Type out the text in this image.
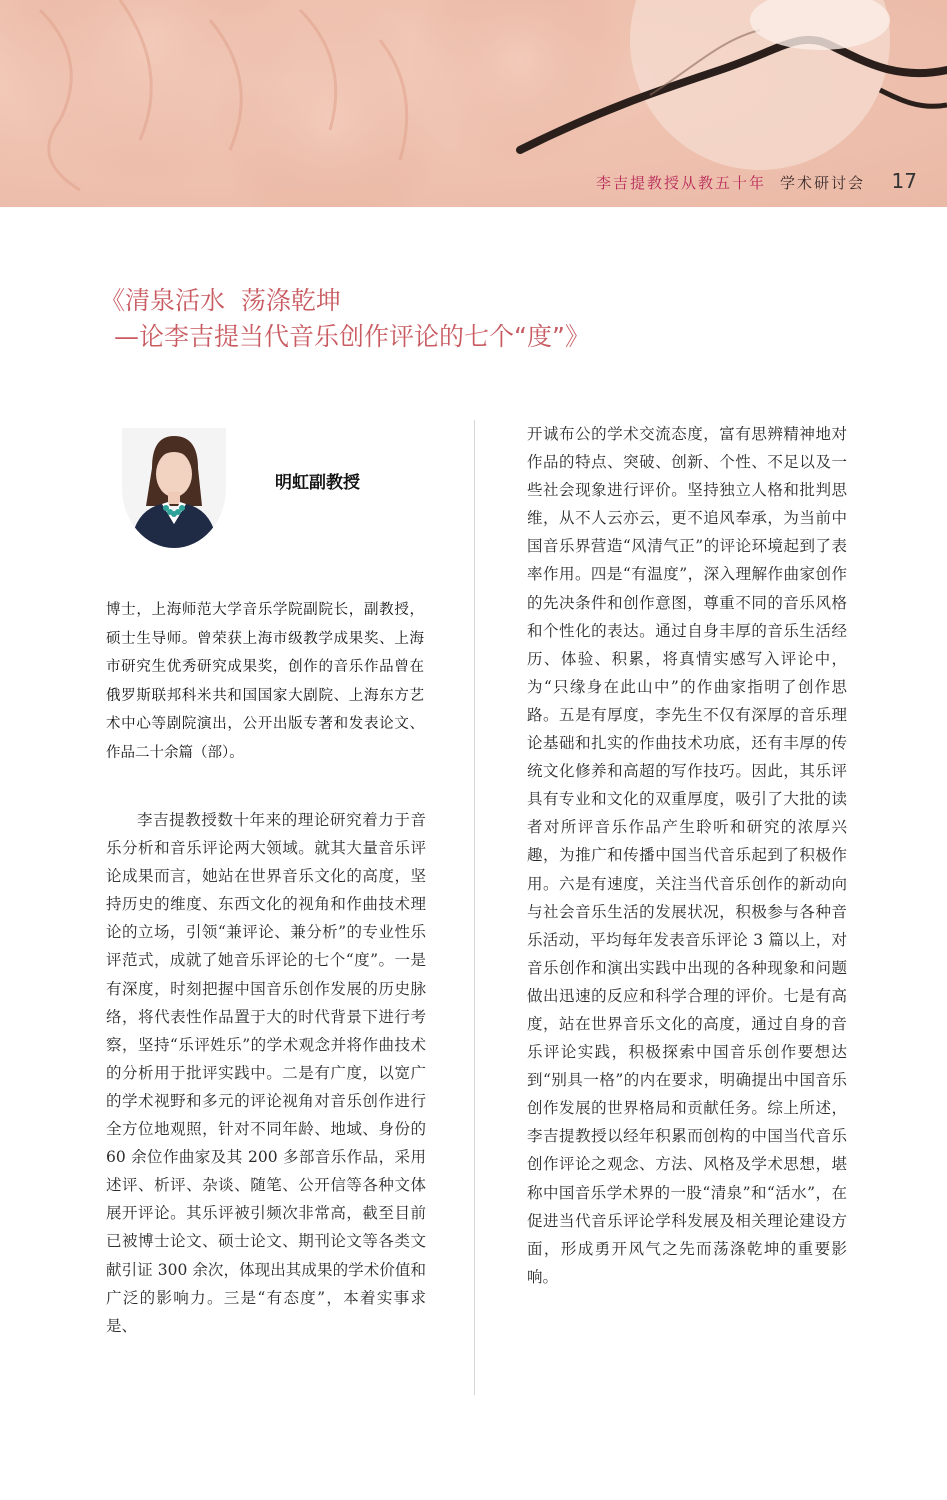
李吉提教授从教五十年 学术研讨会 17
《清泉活水  荡涤乾坤
—论李吉提当代音乐创作评论的七个“度”》
明虹副教授
博士，上海师范大学音乐学院副院长，副教授，硕士生导师。曾荣获上海市级教学成果奖、上海市研究生优秀研究成果奖，创作的音乐作品曾在俄罗斯联邦科米共和国国家大剧院、上海东方艺术中心等剧院演出，公开出版专著和发表论文、作品二十余篇（部）。
李吉提教授数十年来的理论研究着力于音乐分析和音乐评论两大领域。就其大量音乐评论成果而言，她站在世界音乐文化的高度，坚持历史的维度、东西文化的视角和作曲技术理论的立场，引领“兼评论、兼分析”的专业性乐评范式，成就了她音乐评论的七个“度”。一是有深度，时刻把握中国音乐创作发展的历史脉络，将代表性作品置于大的时代背景下进行考察，坚持“乐评姓乐”的学术观念并将作曲技术的分析用于批评实践中。二是有广度，以宽广的学术视野和多元的评论视角对音乐创作进行全方位地观照，针对不同年龄、地域、身份的 60 余位作曲家及其 200 多部音乐作品，采用述评、析评、杂谈、随笔、公开信等各种文体展开评论。其乐评被引频次非常高，截至目前已被博士论文、硕士论文、期刊论文等各类文献引证 300 余次，体现出其成果的学术价值和广泛的影响力。三是“有态度”，本着实事求是、
开诚布公的学术交流态度，富有思辨精神地对作品的特点、突破、创新、个性、不足以及一些社会现象进行评价。坚持独立人格和批判思维，从不人云亦云，更不追风奉承，为当前中国音乐界营造“风清气正”的评论环境起到了表率作用。四是“有温度”，深入理解作曲家创作的先决条件和创作意图，尊重不同的音乐风格和个性化的表达。通过自身丰厚的音乐生活经历、体验、积累，将真情实感写入评论中，为“只缘身在此山中”的作曲家指明了创作思路。五是有厚度，李先生不仅有深厚的音乐理论基础和扎实的作曲技术功底，还有丰厚的传统文化修养和高超的写作技巧。因此，其乐评具有专业和文化的双重厚度，吸引了大批的读者对所评音乐作品产生聆听和研究的浓厚兴趣，为推广和传播中国当代音乐起到了积极作用。六是有速度，关注当代音乐创作的新动向与社会音乐生活的发展状况，积极参与各种音乐活动，平均每年发表音乐评论 3 篇以上，对音乐创作和演出实践中出现的各种现象和问题做出迅速的反应和科学合理的评价。七是有高度，站在世界音乐文化的高度，通过自身的音乐评论实践，积极探索中国音乐创作要想达到“别具一格”的内在要求，明确提出中国音乐创作发展的世界格局和贡献任务。综上所述，李吉提教授以经年积累而创构的中国当代音乐创作评论之观念、方法、风格及学术思想，堪称中国音乐学术界的一股“清泉”和“活水”，在促进当代音乐评论学科发展及相关理论建设方面，形成勇开风气之先而荡涤乾坤的重要影响。
